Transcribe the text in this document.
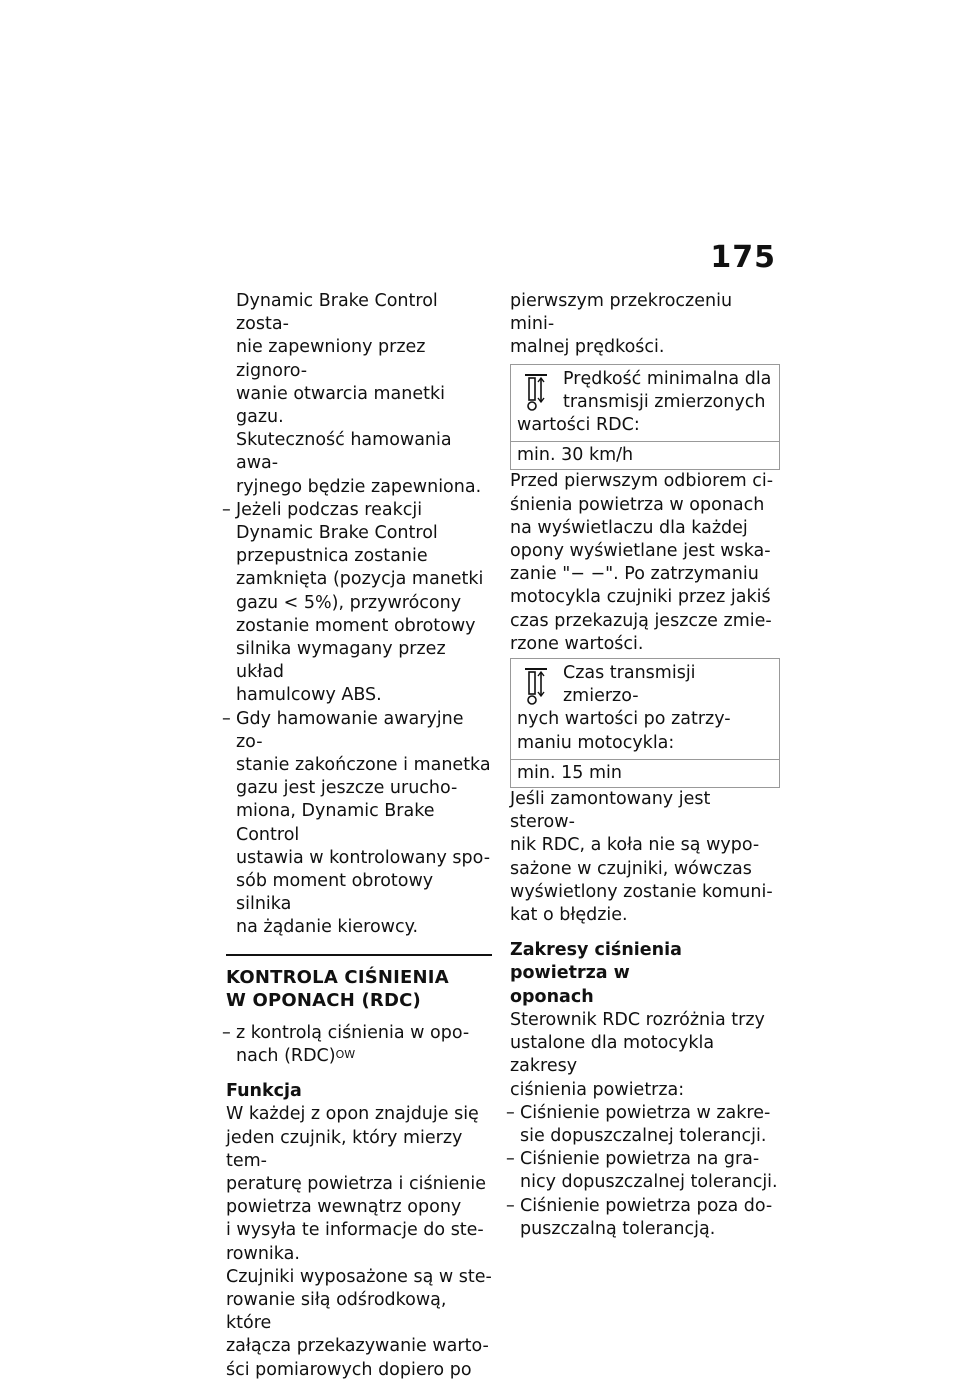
175

Dynamic Brake Control zosta-
nie zapewniony przez zignoro-
wanie otwarcia manetki gazu.
Skuteczność hamowania awa-
ryjnego będzie zapewniona.

– Jeżeli podczas reakcji
Dynamic Brake Control
przepustnica zostanie
zamknięta (pozycja manetki
gazu < 5%), przywrócony
zostanie moment obrotowy
silnika wymagany przez układ
hamulcowy ABS.

– Gdy hamowanie awaryjne zo-
stanie zakończone i manetka
gazu jest jeszcze urucho-
miona, Dynamic Brake Control
ustawia w kontrolowany spo-
sób moment obrotowy silnika
na żądanie kierowcy.

KONTROLA CIŚNIENIA
W OPONACH (RDC)

– z kontrolą ciśnienia w opo-
nach (RDC)$^{OW}$

Funkcja

W każdej z opon znajduje się
jeden czujnik, który mierzy tem-
peraturę powietrza i ciśnienie
powietrza wewnątrz opony
i wysyła te informacje do ste-
rownika.
Czujniki wyposażone są w ste-
rowanie siłą odśrodkową, które
załącza przekazywanie warto-
ści pomiarowych dopiero po

pierwszym przekroczeniu mini-
malnej prędkości.

Prędkość minimalna dla
transmisji zmierzonych
wartości RDC:
min. 30 km/h

Przed pierwszym odbiorem ci-
śnienia powietrza w oponach
na wyświetlaczu dla każdej
opony wyświetlane jest wska-
zanie "− −". Po zatrzymaniu
motocykla czujniki przez jakiś
czas przekazują jeszcze zmie-
rzone wartości.

Czas transmisji zmierzo-
nych wartości po zatrzy-
maniu motocykla:
min. 15 min

Jeśli zamontowany jest sterow-
nik RDC, a koła nie są wypo-
sażone w czujniki, wówczas
wyświetlony zostanie komuni-
kat o błędzie.

Zakresy ciśnienia powietrza w
oponach

Sterownik RDC rozróżnia trzy
ustalone dla motocykla zakresy
ciśnienia powietrza:

– Ciśnienie powietrza w zakre-
sie dopuszczalnej tolerancji.

– Ciśnienie powietrza na gra-
nicy dopuszczalnej tolerancji.

– Ciśnienie powietrza poza do-
puszczalną tolerancją.
